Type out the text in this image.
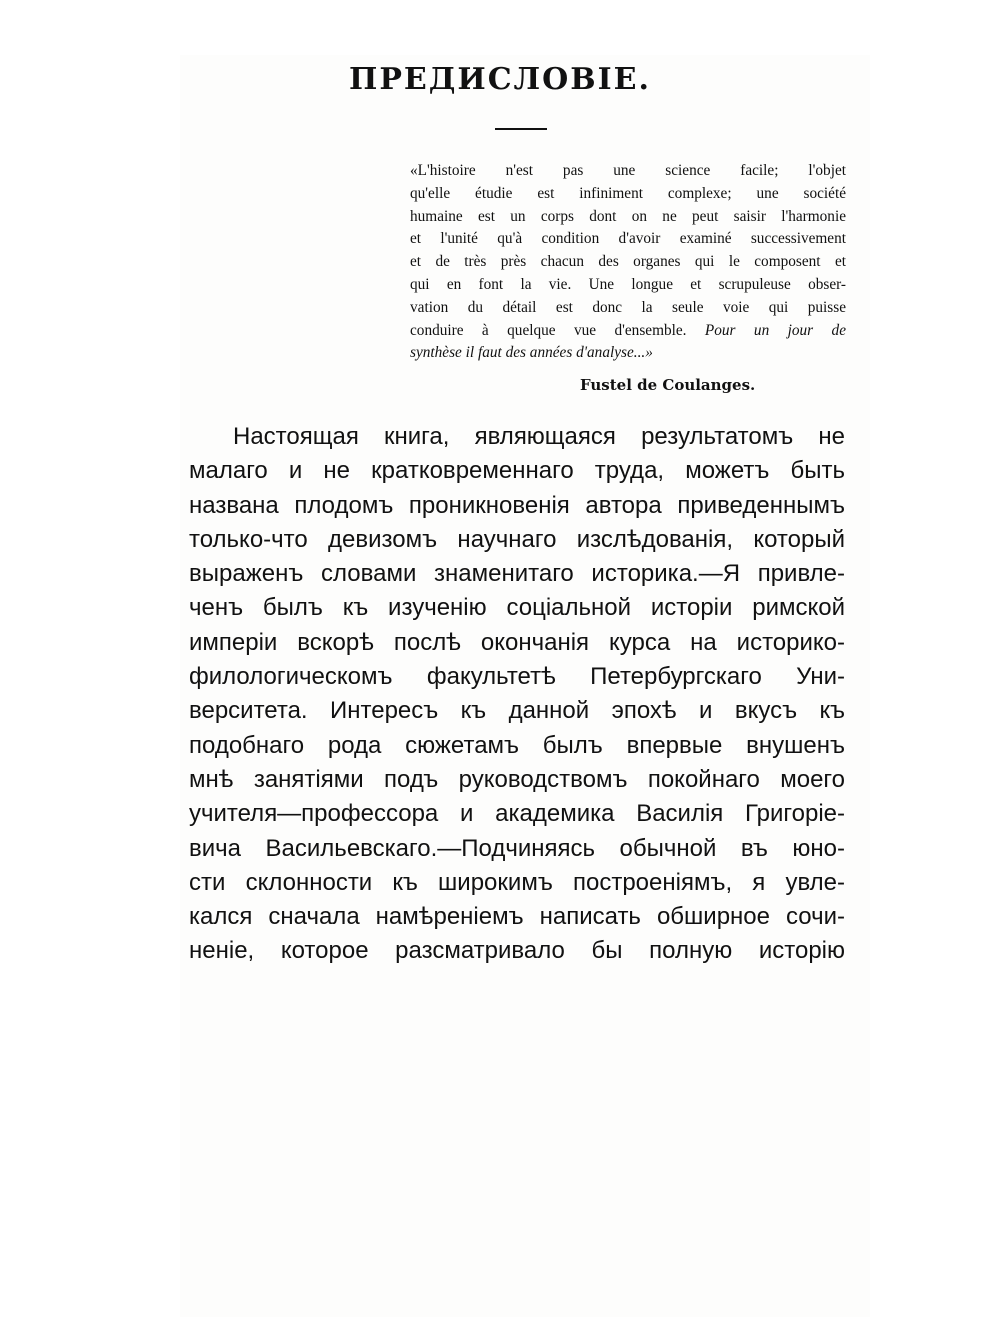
ПРЕДИСЛОВІЕ.
«L'histoire n'est pas une science facile; l'objet
qu'elle étudie est infiniment complexe; une société
humaine est un corps dont on ne peut saisir l'harmonie
et l'unité qu'à condition d'avoir examiné successivement
et de très près chacun des organes qui le composent et
qui en font la vie. Une longue et scrupuleuse obser-
vation du détail est donc la seule voie qui puisse
conduire à quelque vue d'ensemble. Pour un jour de
synthèse il faut des années d'analyse...»

Fustel de Coulanges.

Настоящая книга, являющаяся результатомъ не
малаго и не кратковременнаго труда, можетъ быть
названа плодомъ проникновенія автора приведеннымъ
только-что девизомъ научнаго изслѣдованія, который
выраженъ словами знаменитаго историка.—Я привле-
ченъ былъ къ изученію соціальной исторіи римской
имперіи вскорѣ послѣ окончанія курса на историко-
филологическомъ факультетѣ Петербургскаго Уни-
верситета. Интересъ къ данной эпохѣ и вкусъ къ
подобнаго рода сюжетамъ былъ впервые внушенъ
мнѣ занятіями подъ руководствомъ покойнаго моего
учителя—профессора и академика Василія Григоріе-
вича Васильевскаго.—Подчиняясь обычной въ юно-
сти склонности къ широкимъ построеніямъ, я увле-
кался сначала намѣреніемъ написать обширное сочи-
неніе, которое разсматривало бы полную исторію
